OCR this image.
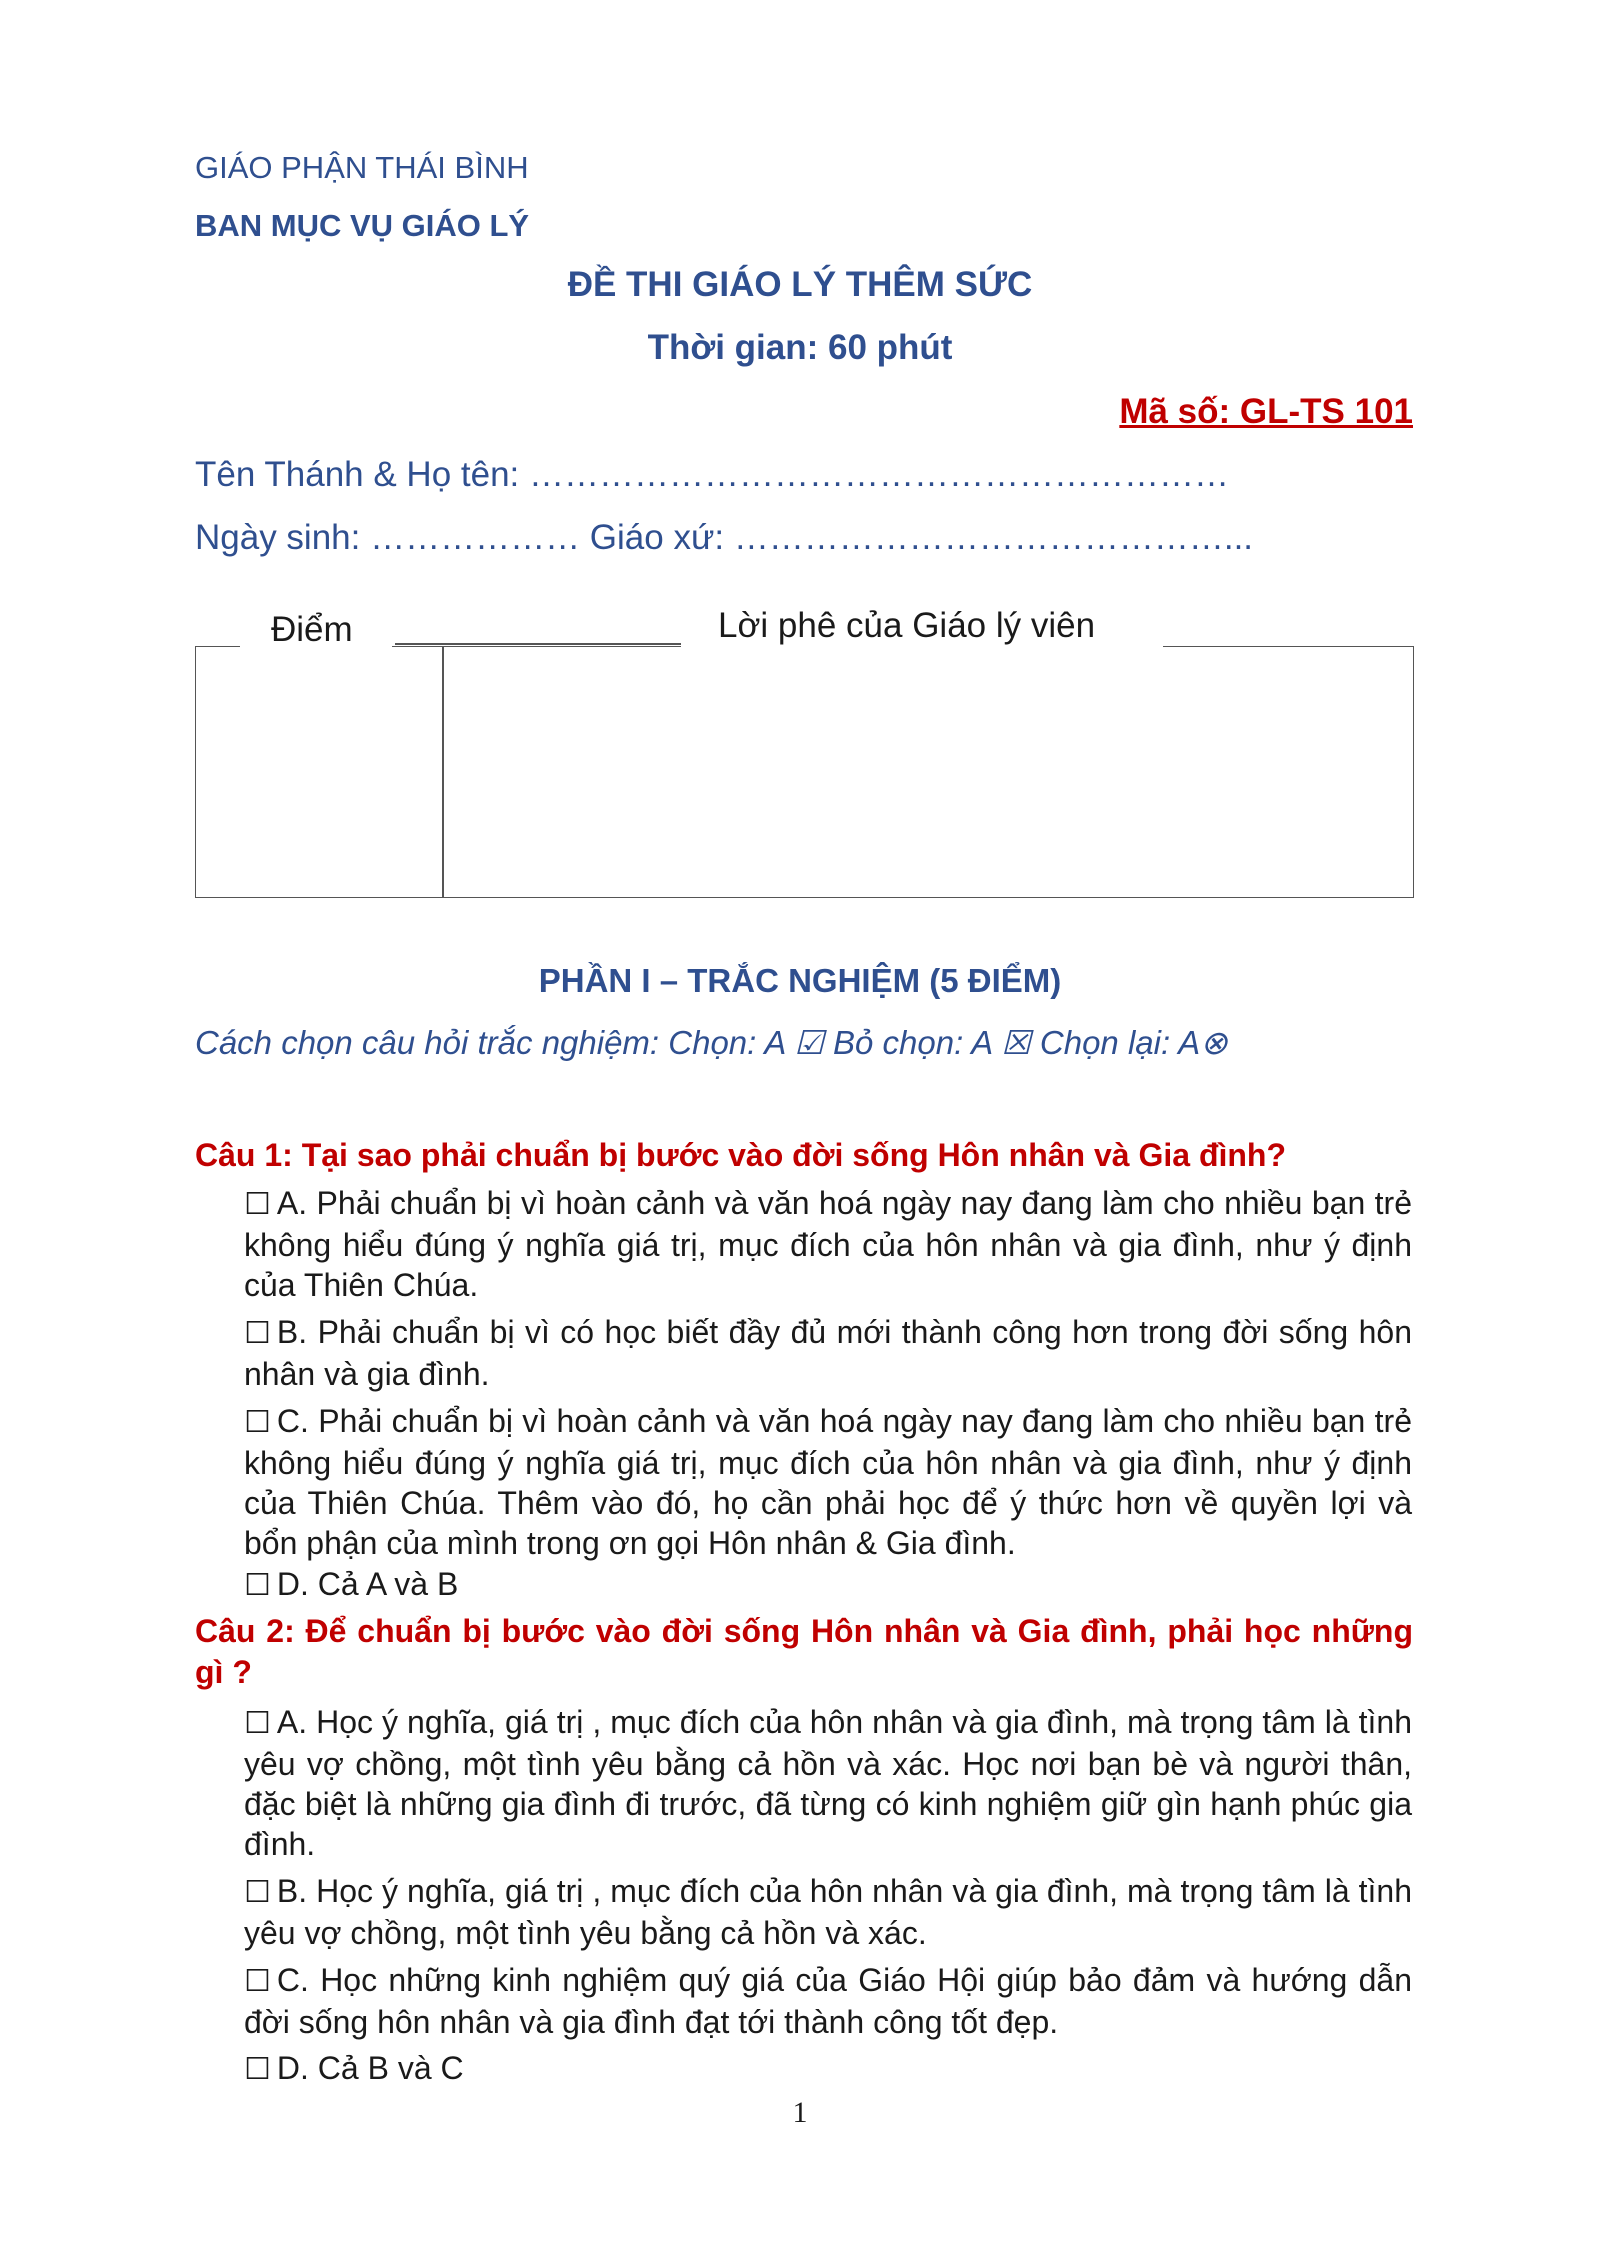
GIÁO PHẬN THÁI BÌNH
BAN MỤC VỤ GIÁO LÝ
ĐỀ THI GIÁO LÝ THÊM SỨC
Thời gian: 60 phút
Mã số: GL-TS 101
Tên Thánh & Họ tên: ……………………………………………………
Ngày sinh: ……………… Giáo xứ: ……………………………………...
Điểm	Lời phê của Giáo lý viên
PHẦN I – TRẮC NGHIỆM (5 ĐIỂM)
Cách chọn câu hỏi trắc nghiệm: Chọn: A ☑ Bỏ chọn: A ☒ Chọn lại: A⊗
Câu 1: Tại sao phải chuẩn bị bước vào đời sống Hôn nhân và Gia đình?
☐ A. Phải chuẩn bị vì hoàn cảnh và văn hoá ngày nay đang làm cho nhiều bạn trẻ không hiểu đúng ý nghĩa giá trị, mục đích của hôn nhân và gia đình, như ý định của Thiên Chúa.
☐ B. Phải chuẩn bị vì có học biết đầy đủ mới thành công hơn trong đời sống hôn nhân và gia đình.
☐ C. Phải chuẩn bị vì hoàn cảnh và văn hoá ngày nay đang làm cho nhiều bạn trẻ không hiểu đúng ý nghĩa giá trị, mục đích của hôn nhân và gia đình, như ý định của Thiên Chúa. Thêm vào đó, họ cần phải học để ý thức hơn về quyền lợi và bổn phận của mình trong ơn gọi Hôn nhân & Gia đình.
☐ D. Cả A và B
Câu 2: Để chuẩn bị bước vào đời sống Hôn nhân và Gia đình, phải học những gì ?
☐ A. Học ý nghĩa, giá trị , mục đích của hôn nhân và gia đình, mà trọng tâm là tình yêu vợ chồng, một tình yêu bằng cả hồn và xác. Học nơi bạn bè và người thân, đặc biệt là những gia đình đi trước, đã từng có kinh nghiệm giữ gìn hạnh phúc gia đình.
☐ B. Học ý nghĩa, giá trị , mục đích của hôn nhân và gia đình, mà trọng tâm là tình yêu vợ chồng, một tình yêu bằng cả hồn và xác.
☐ C. Học những kinh nghiệm quý giá của Giáo Hội giúp bảo đảm và hướng dẫn đời sống hôn nhân và gia đình đạt tới thành công tốt đẹp.
☐ D. Cả B và C
1
